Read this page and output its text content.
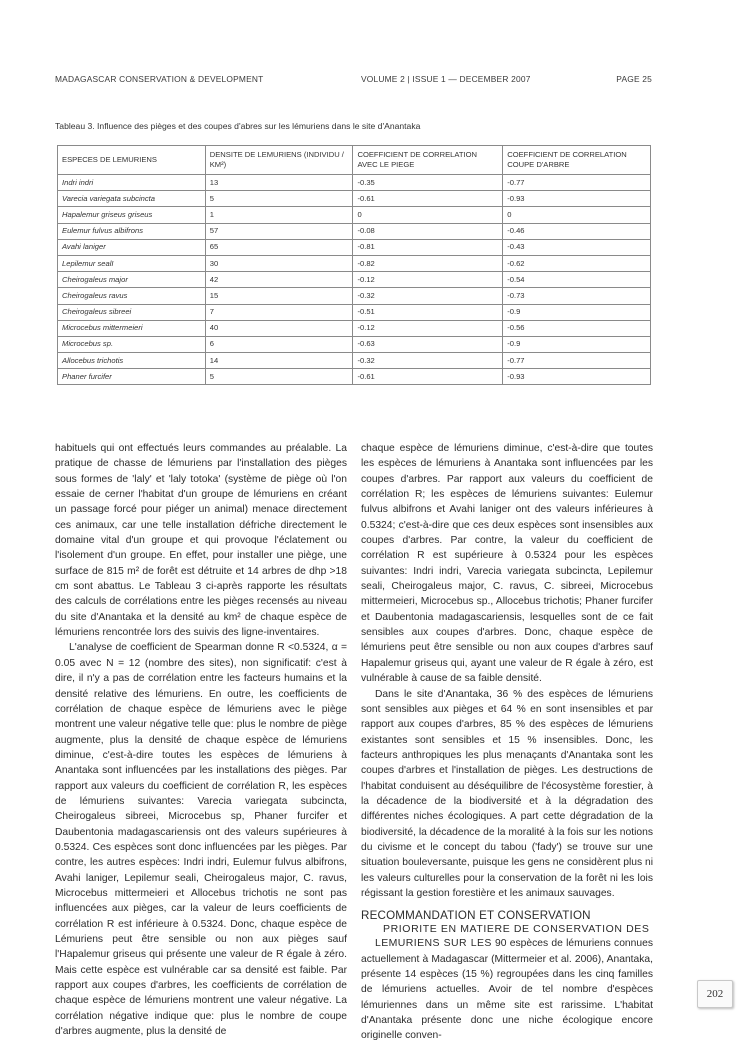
MADAGASCAR CONSERVATION & DEVELOPMENT	VOLUME 2 | ISSUE 1 — DECEMBER 2007	PAGE 25
Tableau 3. Influence des pièges et des coupes d'abres sur les lémuriens dans le site d'Anantaka
ESPECES DE LEMURIENS	DENSITE DE LEMURIENS (INDIVIDU / KM²)	COEFFICIENT DE CORRELATION AVEC LE PIEGE	COEFFICIENT DE CORRELATION COUPE D'ARBRE
Indri indri	13	-0.35	-0.77
Varecia variegata subcincta	5	-0.61	-0.93
Hapalemur griseus griseus	1	0	0
Eulemur fulvus albifrons	57	-0.08	-0.46
Avahi laniger	65	-0.81	-0.43
Lepilemur sealI	30	-0.82	-0.62
Cheirogaleus major	42	-0.12	-0.54
Cheirogaleus ravus	15	-0.32	-0.73
Cheirogaleus sibreei	7	-0.51	-0.9
Microcebus mittermeieri	40	-0.12	-0.56
Microcebus sp.	6	-0.63	-0.9
Allocebus trichotis	14	-0.32	-0.77
Phaner furcifer	5	-0.61	-0.93

habituels qui ont effectués leurs commandes au préalable. La pratique de chasse de lémuriens par l'installation des pièges sous formes de 'laly' et 'laly totoka' (système de piège où l'on essaie de cerner l'habitat d'un groupe de lémuriens en créant un passage forcé pour piéger un animal) menace directement ces animaux, car une telle installation défriche directement le domaine vital d'un groupe et qui provoque l'éclatement ou l'isolement d'un groupe. En effet, pour installer une piège, une surface de 815 m² de forêt est détruite et 14 arbres de dhp >18 cm sont abattus. Le Tableau 3 ci-après rapporte les résultats des calculs de corrélations entre les pièges recensés au niveau du site d'Anantaka et la densité au km² de chaque espèce de lémuriens rencontrée lors des suivis des ligne-inventaires.

L'analyse de coefficient de Spearman donne R <0.5324, α = 0.05 avec N = 12 (nombre des sites), non significatif: c'est à dire, il n'y a pas de corrélation entre les facteurs humains et la densité relative des lémuriens. En outre, les coefficients de corrélation de chaque espèce de lémuriens avec le piège montrent une valeur négative telle que: plus le nombre de piège augmente, plus la densité de chaque espèce de lémuriens diminue, c'est-à-dire toutes les espèces de lémuriens à Anantaka sont influencées par les installations des pièges. Par rapport aux valeurs du coefficient de corrélation R, les espèces de lémuriens suivantes: Varecia variegata subcincta, Cheirogaleus sibreei, Microcebus sp, Phaner furcifer et Daubentonia madagascariensis ont des valeurs supérieures à 0.5324. Ces espèces sont donc influencées par les pièges. Par contre, les autres espèces: Indri indri, Eulemur fulvus albifrons, Avahi laniger, Lepilemur seali, Cheirogaleus major, C. ravus, Microcebus mittermeieri et Allocebus trichotis ne sont pas influencées aux pièges, car la valeur de leurs coefficients de corrélation R est inférieure à 0.5324. Donc, chaque espèce de Lémuriens peut être sensible ou non aux pièges sauf l'Hapalemur griseus qui présente une valeur de R égale à zéro. Mais cette espèce est vulnérable car sa densité est faible. Par rapport aux coupes d'arbres, les coefficients de corrélation de chaque espèce de lémuriens montrent une valeur négative. La corrélation négative indique que: plus le nombre de coupe d'arbres augmente, plus la densité de

chaque espèce de lémuriens diminue, c'est-à-dire que toutes les espèces de lémuriens à Anantaka sont influencées par les coupes d'arbres. Par rapport aux valeurs du coefficient de corrélation R; les espèces de lémuriens suivantes: Eulemur fulvus albifrons et Avahi laniger ont des valeurs inférieures à 0.5324; c'est-à-dire que ces deux espèces sont insensibles aux coupes d'arbres. Par contre, la valeur du coefficient de corrélation R est supérieure à 0.5324 pour les espèces suivantes: Indri indri, Varecia variegata subcincta, Lepilemur seali, Cheirogaleus major, C. ravus, C. sibreei, Microcebus mittermeieri, Microcebus sp., Allocebus trichotis; Phaner furcifer et Daubentonia madagascariensis, lesquelles sont de ce fait sensibles aux coupes d'arbres. Donc, chaque espèce de lémuriens peut être sensible ou non aux coupes d'arbres sauf Hapalemur griseus qui, ayant une valeur de R égale à zéro, est vulnérable à cause de sa faible densité.

Dans le site d'Anantaka, 36 % des espèces de lémuriens sont sensibles aux pièges et 64 % en sont insensibles et par rapport aux coupes d'arbres, 85 % des espèces de lémuriens existantes sont sensibles et 15 % insensibles. Donc, les facteurs anthropiques les plus menaçants d'Anantaka sont les coupes d'arbres et l'installation de pièges. Les destructions de l'habitat conduisent au déséquilibre de l'écosystème forestier, à la décadence de la biodiversité et à la dégradation des différentes niches écologiques. A part cette dégradation de la biodiversité, la décadence de la moralité à la fois sur les notions du civisme et le concept du tabou ('fady') se trouve sur une situation bouleversante, puisque les gens ne considèrent plus ni les valeurs culturelles pour la conservation de la forêt ni les lois régissant la gestion forestière et les animaux sauvages.

RECOMMANDATION ET CONSERVATION
PRIORITE EN MATIERE DE CONSERVATION DES

LEMURIENS SUR LES 90 espèces de lémuriens connues actuellement à Madagascar (Mittermeier et al. 2006), Anantaka, présente 14 espèces (15 %) regroupées dans les cinq familles de lémuriens actuelles. Avoir de tel nombre d'espèces lémuriennes dans un même site est rarissime. L'habitat d'Anantaka présente donc une niche écologique encore originelle conven-

202
